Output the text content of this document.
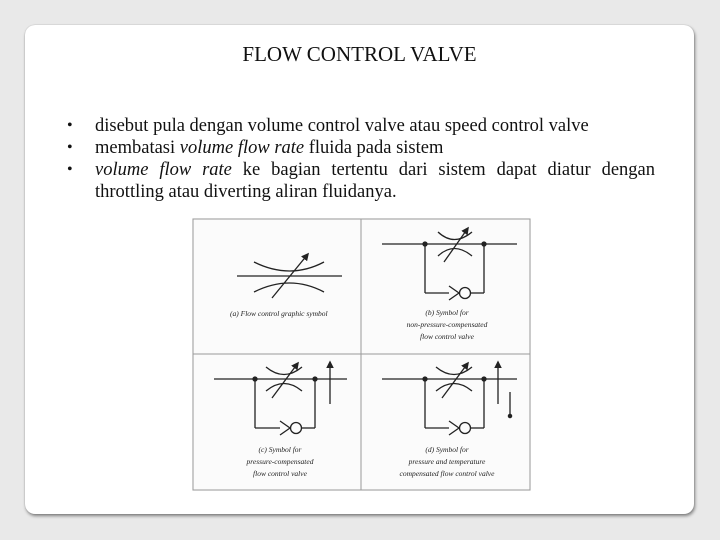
FLOW CONTROL VALVE
• disebut pula dengan volume control valve atau speed control valve
• membatasi volume flow rate fluida pada sistem
• volume flow rate ke bagian tertentu dari sistem dapat diatur dengan throttling atau diverting aliran fluidanya.
(a) Flow control graphic symbol	(b) Symbol for
non-pressure-compensated
flow control valve
(c) Symbol for
pressure-compensated
flow control valve
(d) Symbol for
pressure and temperature
compensated flow control valve
